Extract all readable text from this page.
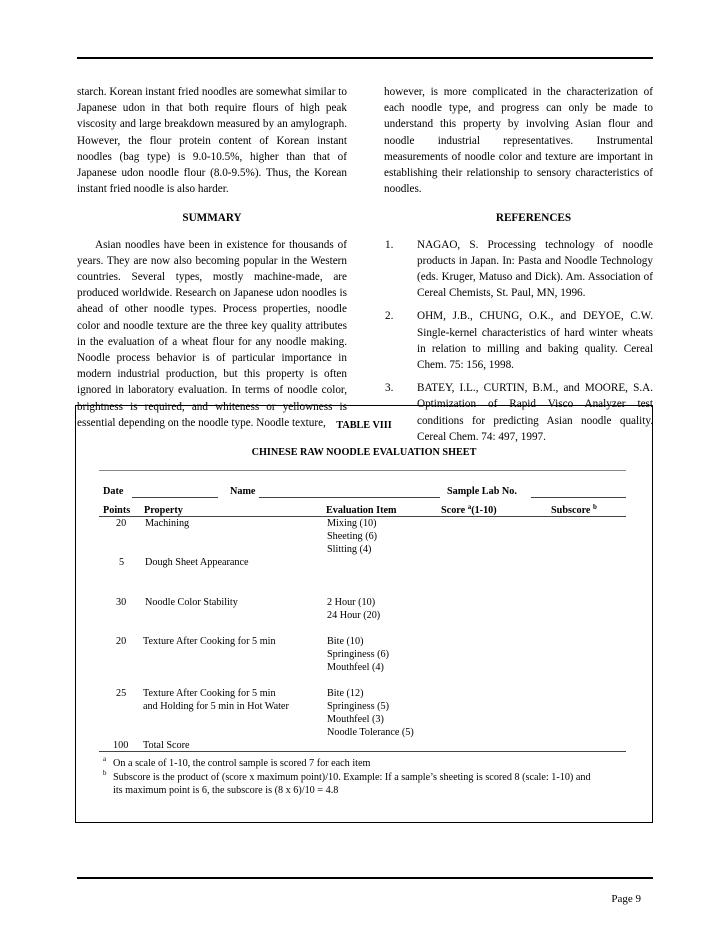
starch. Korean instant fried noodles are somewhat similar to Japanese udon in that both require flours of high peak viscosity and large breakdown measured by an amylograph. However, the flour protein content of Korean instant noodles (bag type) is 9.0-10.5%, higher than that of Japanese udon noodle flour (8.0-9.5%). Thus, the Korean instant fried noodle is also harder.

SUMMARY

Asian noodles have been in existence for thousands of years. They are now also becoming popular in the Western countries. Several types, mostly machine-made, are produced worldwide. Research on Japanese udon noodles is ahead of other noodle types. Process properties, noodle color and noodle texture are the three key quality attributes in the evaluation of a wheat flour for any noodle making. Noodle process behavior is of particular importance in modern industrial production, but this property is often ignored in laboratory evaluation. In terms of noodle color, brightness is required, and whiteness or yellowness is essential depending on the noodle type. Noodle texture,

however, is more complicated in the characterization of each noodle type, and progress can only be made to understand this property by involving Asian flour and noodle industrial representatives. Instrumental measurements of noodle color and texture are important in establishing their relationship to sensory characteristics of noodles.

REFERENCES
1. NAGAO, S. Processing technology of noodle products in Japan. In: Pasta and Noodle Technology (eds. Kruger, Matuso and Dick). Am. Association of Cereal Chemists, St. Paul, MN, 1996.
2. OHM, J.B., CHUNG, O.K., and DEYOE, C.W. Single-kernel characteristics of hard winter wheats in relation to milling and baking quality. Cereal Chem. 75: 156, 1998.
3. BATEY, I.L., CURTIN, B.M., and MOORE, S.A. Optimization of Rapid Visco Analyzer test conditions for predicting Asian noodle quality. Cereal Chem. 74: 497, 1997.
TABLE VIII
CHINESE RAW NOODLE EVALUATION SHEET
Date	Name	Sample Lab No.
Points Property	Evaluation Item	Score $^a$(1-10)	Subscore $^b$
20 Machining	Mixing (10)
Sheeting (6)
Slitting (4)
5 Dough Sheet Appearance
30 Noodle Color Stability	2 Hour (10)
24 Hour (20)
20 Texture After Cooking for 5 min	Bite (10)
Springiness (6)
Mouthfeel (4)
25 Texture After Cooking for 5 min
and Holding for 5 min in Hot Water
Bite (12)
Springiness (5)
Mouthfeel (3)
Noodle Tolerance (5)
100 Total Score
a On a scale of 1-10, the control sample is scored 7 for each item
b Subscore is the product of (score x maximum point)/10. Example: If a sample’s sheeting is scored 8 (scale: 1-10) and
its maximum point is 6, the subscore is (8 x 6)/10 = 4.8
Page 9
